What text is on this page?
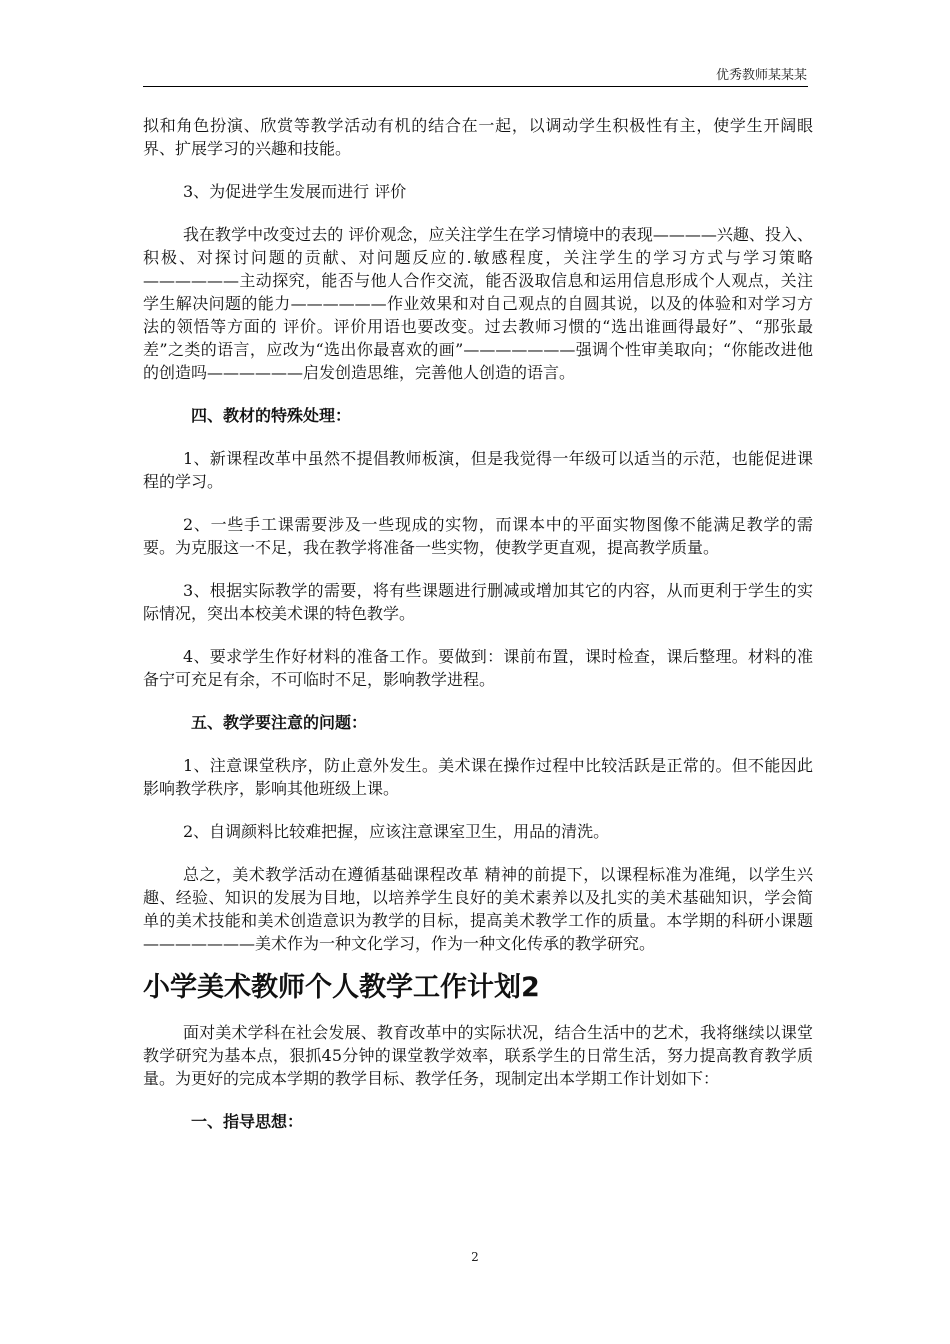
优秀教师某某某

拟和角色扮演、欣赏等教学活动有机的结合在一起，以调动学生积极性有主，使学生开阔眼界、扩展学习的兴趣和技能。

3、为促进学生发展而进行 评价

我在教学中改变过去的 评价观念，应关注学生在学习情境中的表现————兴趣、投入、积极、对探讨问题的贡献、对问题反应的.敏感程度，关注学生的学习方式与学习策略——————主动探究，能否与他人合作交流，能否汲取信息和运用信息形成个人观点，关注学生解决问题的能力——————作业效果和对自己观点的自圆其说，以及的体验和对学习方法的领悟等方面的 评价。评价用语也要改变。过去教师习惯的“选出谁画得最好”、“那张最差”之类的语言，应改为“选出你最喜欢的画”———————强调个性审美取向；“你能改进他的创造吗——————启发创造思维，完善他人创造的语言。

四、教材的特殊处理：

1、新课程改革中虽然不提倡教师板演，但是我觉得一年级可以适当的示范，也能促进课程的学习。

2、一些手工课需要涉及一些现成的实物，而课本中的平面实物图像不能满足教学的需要。为克服这一不足，我在教学将准备一些实物，使教学更直观，提高教学质量。

3、根据实际教学的需要，将有些课题进行删减或增加其它的内容，从而更利于学生的实际情况，突出本校美术课的特色教学。

4、要求学生作好材料的准备工作。要做到：课前布置，课时检查，课后整理。材料的准备宁可充足有余，不可临时不足，影响教学进程。

五、教学要注意的问题：

1、注意课堂秩序，防止意外发生。美术课在操作过程中比较活跃是正常的。但不能因此影响教学秩序，影响其他班级上课。

2、自调颜料比较难把握，应该注意课室卫生，用品的清洗。

总之，美术教学活动在遵循基础课程改革 精神的前提下，以课程标准为准绳，以学生兴趣、经验、知识的发展为目地，以培养学生良好的美术素养以及扎实的美术基础知识，学会简单的美术技能和美术创造意识为教学的目标，提高美术教学工作的质量。本学期的科研小课题———————美术作为一种文化学习，作为一种文化传承的教学研究。

小学美术教师个人教学工作计划2

面对美术学科在社会发展、教育改革中的实际状况，结合生活中的艺术，我将继续以课堂教学研究为基本点，狠抓45分钟的课堂教学效率，联系学生的日常生活，努力提高教育教学质量。为更好的完成本学期的教学目标、教学任务，现制定出本学期工作计划如下：

一、指导思想：

2
